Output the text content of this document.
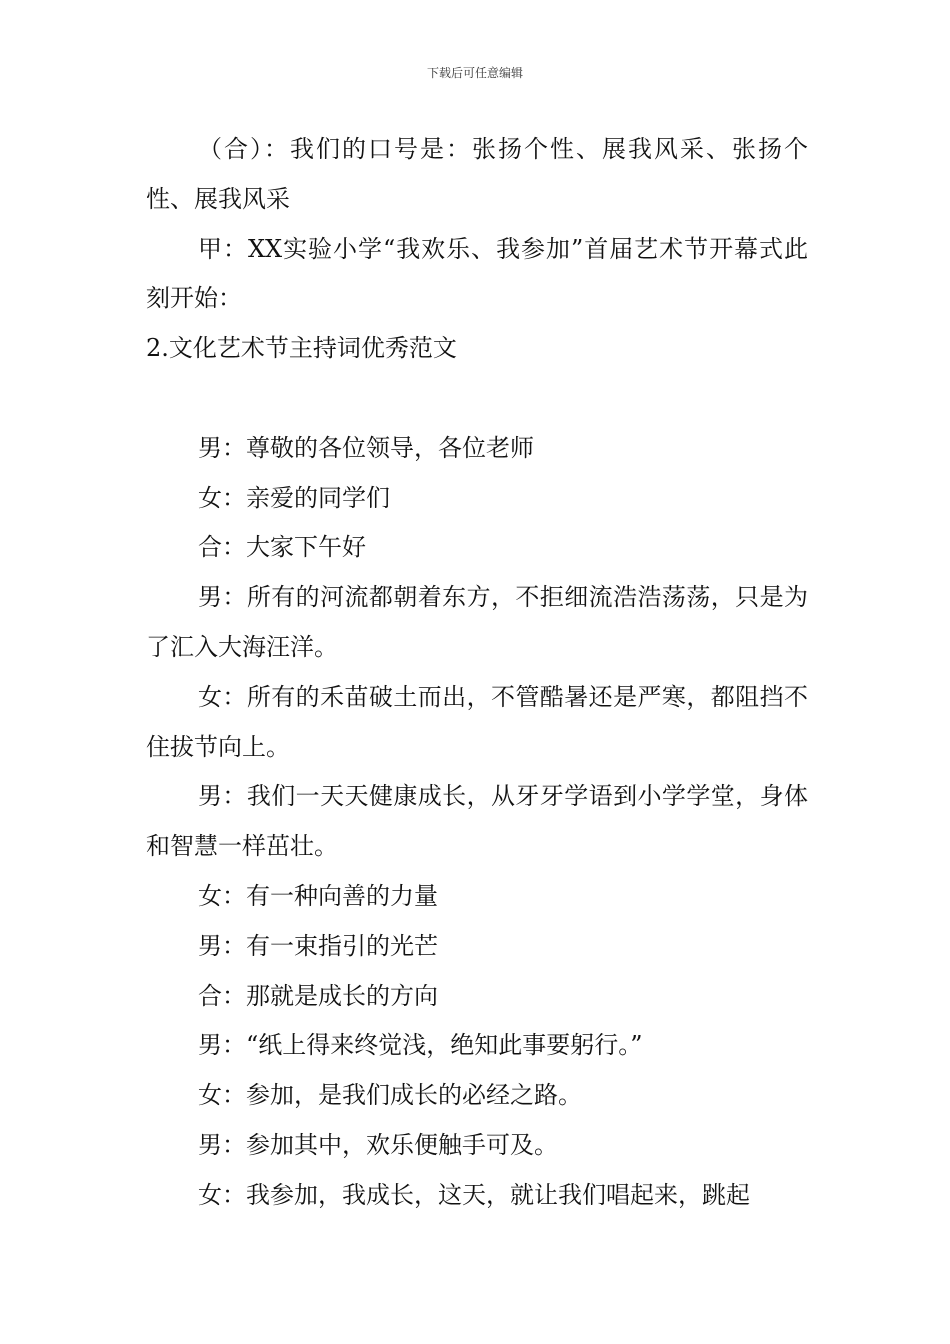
下载后可任意编辑

（合）：我们的口号是：张扬个性、展我风采、张扬个性、展我风采

甲：XX实验小学“我欢乐、我参加”首届艺术节开幕式此刻开始：

2.文化艺术节主持词优秀范文

男：尊敬的各位领导，各位老师

女：亲爱的同学们

合：大家下午好

男：所有的河流都朝着东方，不拒细流浩浩荡荡，只是为了汇入大海汪洋。

女：所有的禾苗破土而出，不管酷暑还是严寒，都阻挡不住拔节向上。

男：我们一天天健康成长，从牙牙学语到小学学堂，身体和智慧一样茁壮。

女：有一种向善的力量

男：有一束指引的光芒

合：那就是成长的方向

男：“纸上得来终觉浅，绝知此事要躬行。”

女：参加，是我们成长的必经之路。

男：参加其中，欢乐便触手可及。

女：我参加，我成长，这天，就让我们唱起来，跳起
